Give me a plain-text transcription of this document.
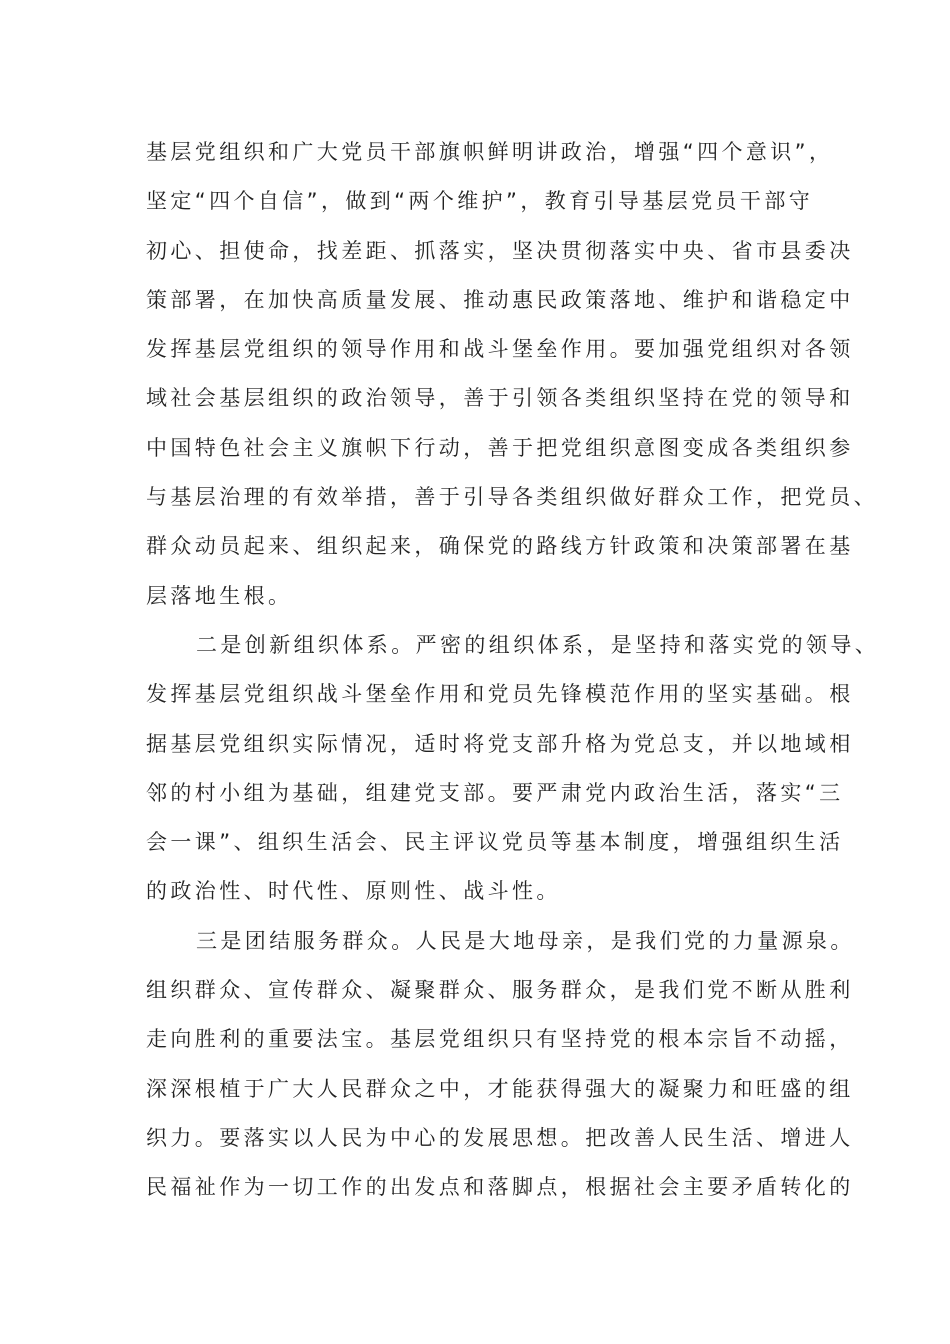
基层党组织和广大党员干部旗帜鲜明讲政治，增强“四个意识”，
坚定“四个自信”，做到“两个维护”，教育引导基层党员干部守
初心、担使命，找差距、抓落实，坚决贯彻落实中央、省市县委决
策部署，在加快高质量发展、推动惠民政策落地、维护和谐稳定中
发挥基层党组织的领导作用和战斗堡垒作用。要加强党组织对各领
域社会基层组织的政治领导，善于引领各类组织坚持在党的领导和
中国特色社会主义旗帜下行动，善于把党组织意图变成各类组织参
与基层治理的有效举措，善于引导各类组织做好群众工作，把党员、
群众动员起来、组织起来，确保党的路线方针政策和决策部署在基
层落地生根。
二是创新组织体系。严密的组织体系，是坚持和落实党的领导、
发挥基层党组织战斗堡垒作用和党员先锋模范作用的坚实基础。根
据基层党组织实际情况，适时将党支部升格为党总支，并以地域相
邻的村小组为基础，组建党支部。要严肃党内政治生活，落实“三
会一课”、组织生活会、民主评议党员等基本制度，增强组织生活
的政治性、时代性、原则性、战斗性。
三是团结服务群众。人民是大地母亲，是我们党的力量源泉。
组织群众、宣传群众、凝聚群众、服务群众，是我们党不断从胜利
走向胜利的重要法宝。基层党组织只有坚持党的根本宗旨不动摇，
深深根植于广大人民群众之中，才能获得强大的凝聚力和旺盛的组
织力。要落实以人民为中心的发展思想。把改善人民生活、增进人
民福祉作为一切工作的出发点和落脚点，根据社会主要矛盾转化的
